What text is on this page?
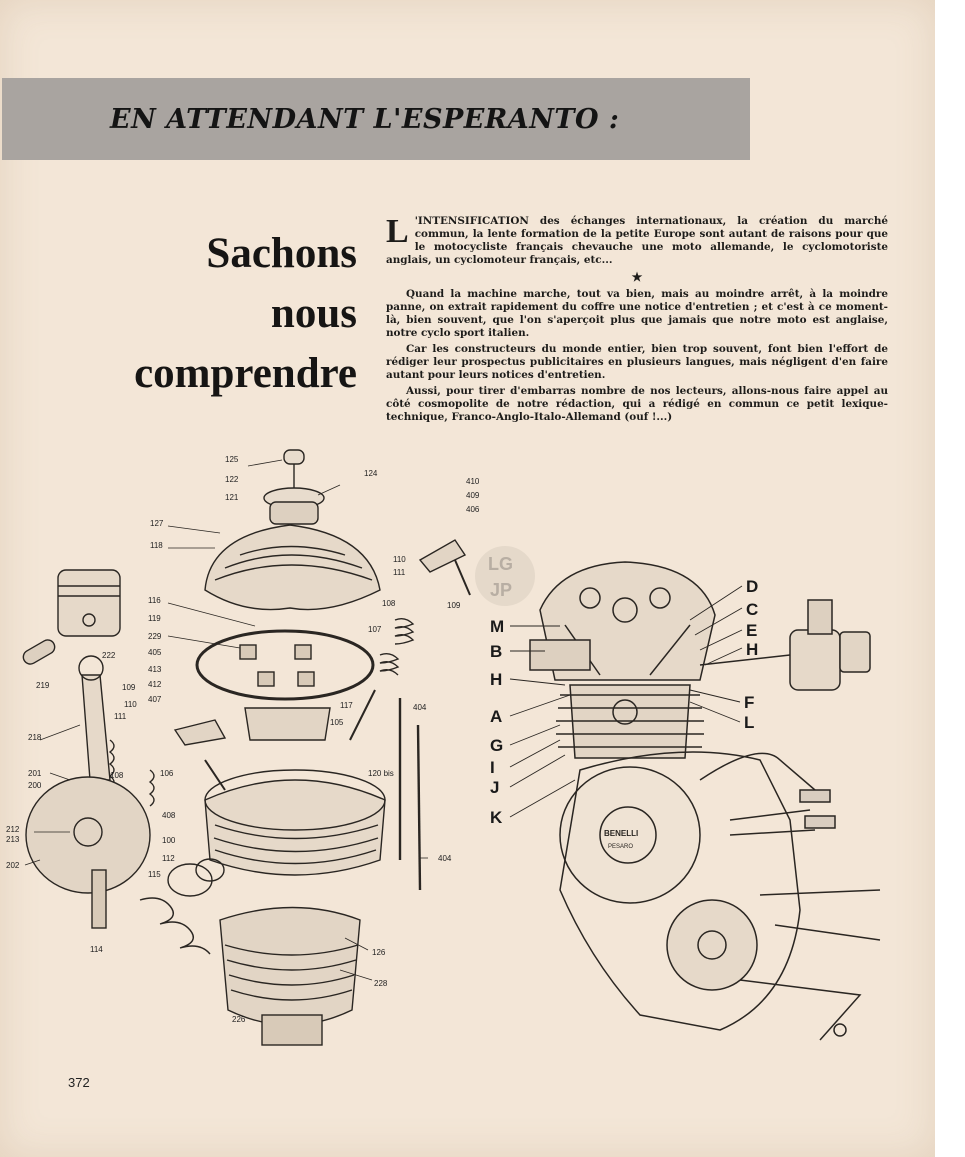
EN ATTENDANT L'ESPERANTO :
Sachons
nous
comprendre

L 'INTENSIFICATION des échanges internationaux, la création du marché commun, la lente formation de la petite Europe sont autant de raisons pour que le motocycliste français chevauche une moto allemande, le cyclomotoriste anglais, un cyclomoteur français, etc...

★

Quand la machine marche, tout va bien, mais au moindre arrêt, à la moindre panne, on extrait rapidement du coffre une notice d'entretien ; et c'est à ce moment-là, bien souvent, que l'on s'aperçoit plus que jamais que notre moto est anglaise, notre cyclo sport italien.

Car les constructeurs du monde entier, bien trop souvent, font bien l'effort de rédiger leur prospectus publicitaires en plusieurs langues, mais négligent d'en faire autant pour leurs notices d'entretien.

Aussi, pour tirer d'embarras nombre de nos lecteurs, allons-nous faire appel au côté cosmopolite de notre rédaction, qui a rédigé en commun ce petit lexique-technique, Franco-Anglo-Italo-Allemand (ouf !...)

125
122
124
121
127
118
410
409
406
110
111
116
119
229
107
108	109
405
413
412
407
117
105
404
106
108	120 bis
109
110
111
218
219
222
201
200
212
213
202
408
100
112
115
404
114	126
228
226
LG
JP	D
C
E
H
M
B
H
F
A	L
G
I
J
K
BENELLI
PESARO
372
